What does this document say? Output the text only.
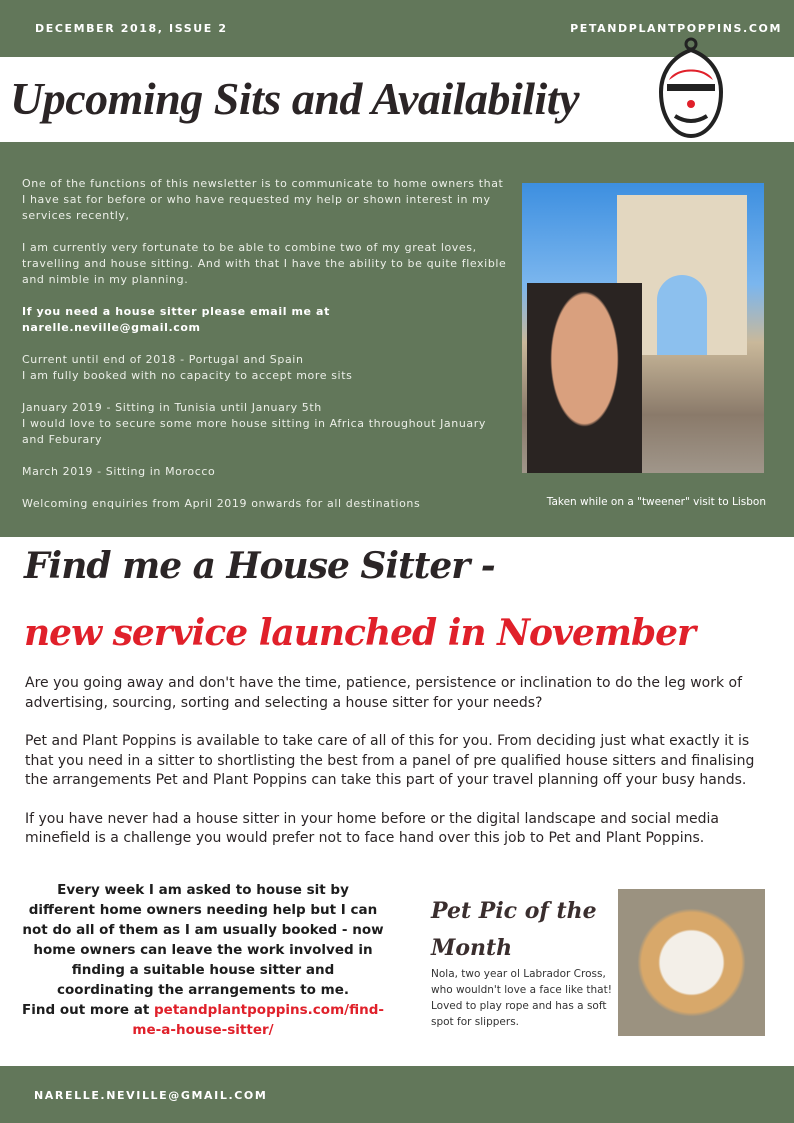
DECEMBER 2018, ISSUE 2	PETANDPLANTPOPPINS.COM
Upcoming Sits and Availability

One of the functions of this newsletter is to communicate to home owners that I have sat for before or who have requested my help or shown interest in my services recently,

I am currently very fortunate to be able to combine two of my great loves, travelling and house sitting. And with that I have the ability to be quite flexible and nimble in my planning.

If you need a house sitter please email me at narelle.neville@gmail.com

Current until end of 2018 - Portugal and Spain
I am fully booked with no capacity to accept more sits

January 2019 - Sitting in Tunisia until January 5th
I would love to secure some more house sitting in Africa throughout January and Feburary

March 2019 - Sitting in Morocco

Welcoming enquiries from April 2019 onwards for all destinations	Taken while on a "tweener" visit to Lisbon
Find me a House Sitter -
new service launched in November

Are you going away and don't have the time, patience, persistence or inclination to do the leg work of advertising, sourcing, sorting and selecting a house sitter for your needs?

Pet and Plant Poppins is available to take care of all of this for you. From deciding just what exactly it is that you need in a sitter to shortlisting the best from a panel of pre qualified house sitters and finalising the arrangements Pet and Plant Poppins can take this part of your travel planning off your busy hands.

If you have never had a house sitter in your home before or the digital landscape and social media minefield is a challenge you would prefer not to face hand over this job to Pet and Plant Poppins.

Every week I am asked to house sit by different home owners needing help but I can not do all of them as I am usually booked - now home owners can leave the work involved in finding a suitable house sitter and coordinating the arrangements to me.
Find out more at petandplantpoppins.com/find-me-a-house-sitter/
Pet Pic of the Month
Nola, two year ol Labrador Cross, who wouldn't love a face like that! Loved to play rope and has a soft spot for slippers.
NARELLE.NEVILLE@GMAIL.COM
